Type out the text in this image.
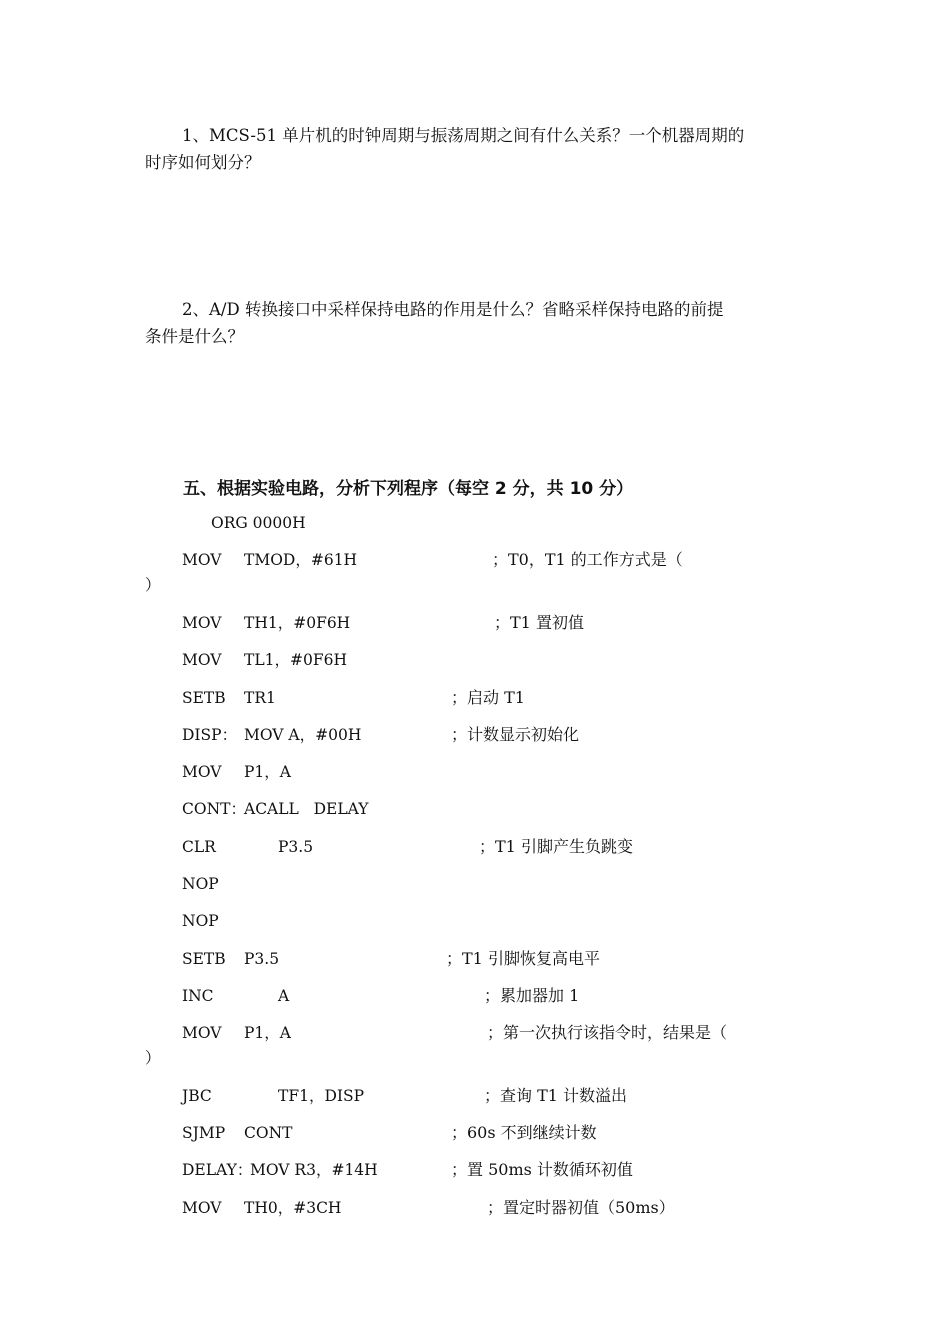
1、MCS-51 单片机的时钟周期与振荡周期之间有什么关系？一个机器周期的
时序如何划分？
2、A/D 转换接口中采样保持电路的作用是什么？省略采样保持电路的前提
条件是什么？
五、根据实验电路，分析下列程序（每空 2 分，共 10 分）
ORG 0000H
MOV TMOD，#61H	；T0，T1 的工作方式是（
）
MOV TH1，#0F6H	；T1 置初值
MOV TL1，#0F6H
SETB TR1	；启动 T1
DISP： MOV A，#00H	；计数显示初始化
MOV P1，A
CONT：
ACALL   DELAY
CLR	P3.5	；T1 引脚产生负跳变
NOP
NOP
SETB P3.5	；T1 引脚恢复高电平
INC	A	；累加器加 1
MOV P1，A	；第一次执行该指令时，结果是（
）
JBC	TF1，DISP	；查询 T1 计数溢出
SJMP CONT	；60s 不到继续计数
DELAY：
MOV R3，#14H	；置 50ms 计数循环初值
MOV TH0，#3CH	；置定时器初值（50ms）
